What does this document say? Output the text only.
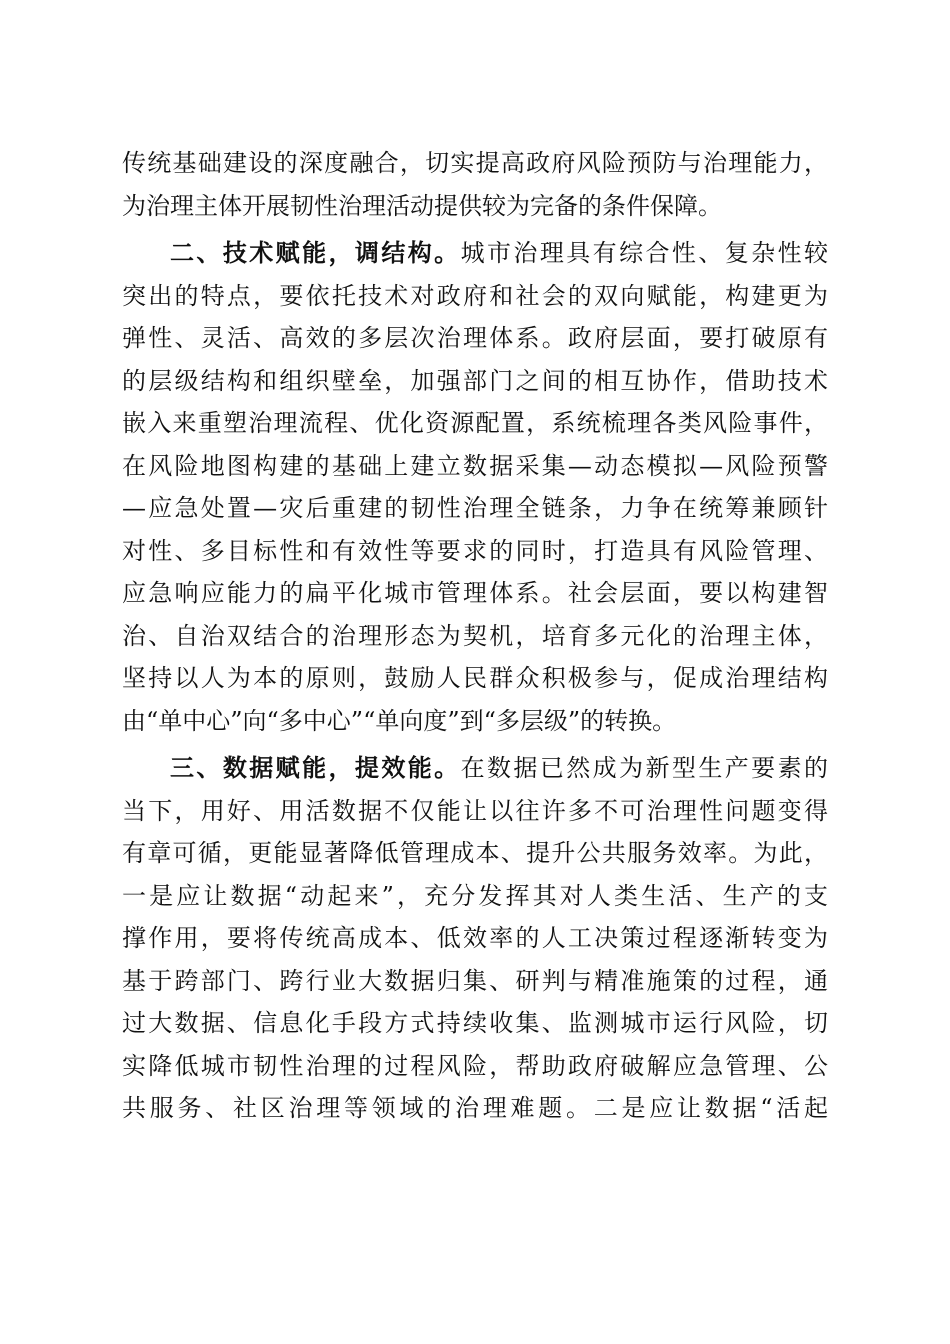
传统基础建设的深度融合，切实提高政府风险预防与治理能力，
为治理主体开展韧性治理活动提供较为完备的条件保障。
二、技术赋能，调结构。城市治理具有综合性、复杂性较
突出的特点，要依托技术对政府和社会的双向赋能，构建更为
弹性、灵活、高效的多层次治理体系。政府层面，要打破原有
的层级结构和组织壁垒，加强部门之间的相互协作，借助技术
嵌入来重塑治理流程、优化资源配置，系统梳理各类风险事件，
在风险地图构建的基础上建立数据采集—动态模拟—风险预警
—应急处置—灾后重建的韧性治理全链条，力争在统筹兼顾针
对性、多目标性和有效性等要求的同时，打造具有风险管理、
应急响应能力的扁平化城市管理体系。社会层面，要以构建智
治、自治双结合的治理形态为契机，培育多元化的治理主体，
坚持以人为本的原则，鼓励人民群众积极参与，促成治理结构
由“单中心”向“多中心”“单向度”到“多层级”的转换。
三、数据赋能，提效能。在数据已然成为新型生产要素的
当下，用好、用活数据不仅能让以往许多不可治理性问题变得
有章可循，更能显著降低管理成本、提升公共服务效率。为此，
一是应让数据“动起来”，充分发挥其对人类生活、生产的支
撑作用，要将传统高成本、低效率的人工决策过程逐渐转变为
基于跨部门、跨行业大数据归集、研判与精准施策的过程，通
过大数据、信息化手段方式持续收集、监测城市运行风险，切
实降低城市韧性治理的过程风险，帮助政府破解应急管理、公
共服务、社区治理等领域的治理难题。二是应让数据“活起
